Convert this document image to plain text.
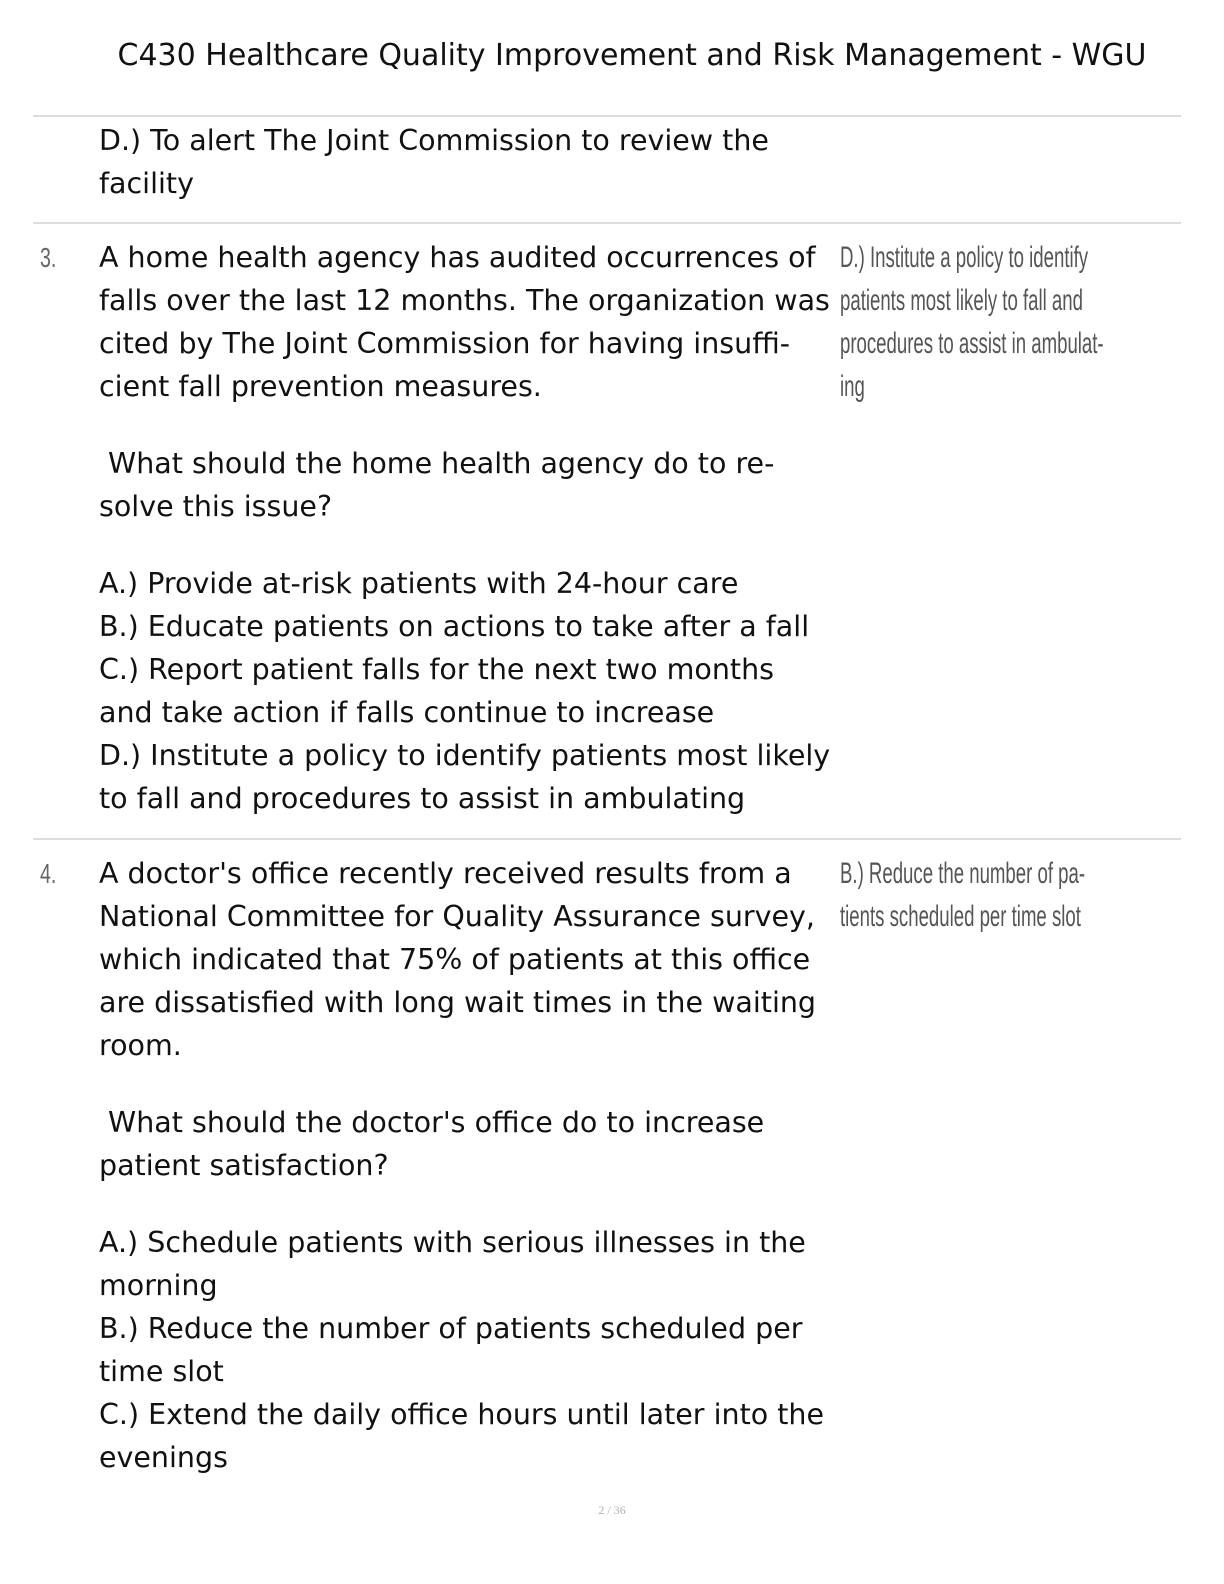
C430 Healthcare Quality Improvement and Risk Management - WGU

D.) To alert The Joint Commission to review the

facility

3. A home health agency has audited occurrences of

falls over the last 12 months. The organization was

cited by The Joint Commission for having insuffi-

cient fall prevention measures.

What should the home health agency do to re-

solve this issue?

A.) Provide at-risk patients with 24-hour care

B.) Educate patients on actions to take after a fall

C.) Report patient falls for the next two months

and take action if falls continue to increase

D.) Institute a policy to identify patients most likely

to fall and procedures to assist in ambulating

D.) Institute a policy to identify

patients most likely to fall and

procedures to assist in ambulat-

ing

4. A doctor's office recently received results from a

National Committee for Quality Assurance survey,

which indicated that 75% of patients at this office

are dissatisfied with long wait times in the waiting

room.

What should the doctor's office do to increase

patient satisfaction?

A.) Schedule patients with serious illnesses in the

morning

B.) Reduce the number of patients scheduled per

time slot

C.) Extend the daily office hours until later into the

evenings

B.) Reduce the number of pa-

tients scheduled per time slot

2 / 36
